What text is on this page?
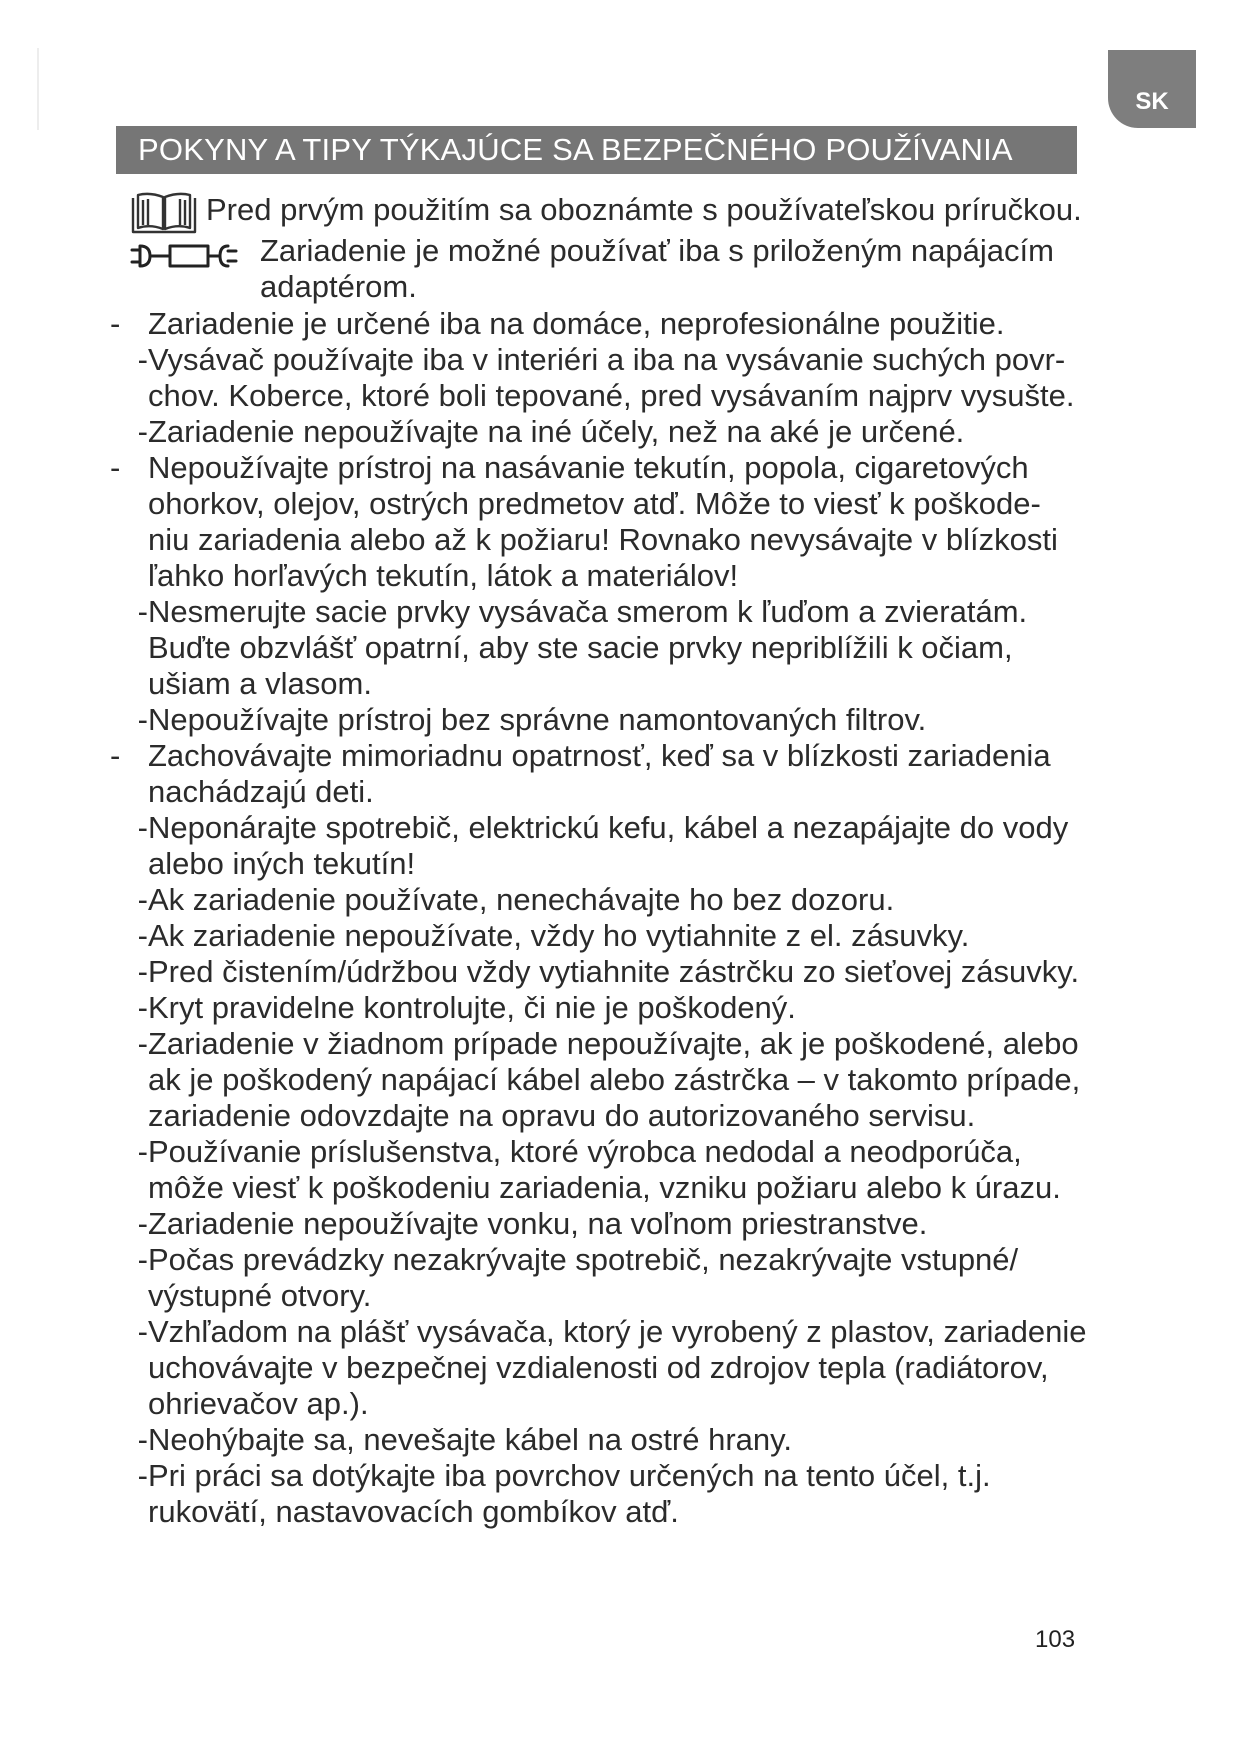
SK
POKYNY A TIPY TÝKAJÚCE SA BEZPEČNÉHO POUŽÍVANIA
Pred prvým použitím sa oboznámte s používateľskou príručkou.
Zariadenie je možné používať iba s priloženým napájacím adaptérom.
- Zariadenie je určené iba na domáce, neprofesionálne použitie.
- Vysávač používajte iba v interiéri a iba na vysávanie suchých povr-
chov. Koberce, ktoré boli tepované, pred vysávaním najprv vysušte.
- Zariadenie nepoužívajte na iné účely, než na aké je určené.
- Nepoužívajte prístroj na nasávanie tekutín, popola, cigaretových
ohorkov, olejov, ostrých predmetov atď. Môže to viesť k poškode-
niu zariadenia alebo až k požiaru! Rovnako nevysávajte v blízkosti
ľahko horľavých tekutín, látok a materiálov!
- Nesmerujte sacie prvky vysávača smerom k ľuďom a zvieratám.
Buďte obzvlášť opatrní, aby ste sacie prvky nepriblížili k očiam,
ušiam a vlasom.
- Nepoužívajte prístroj bez správne namontovaných filtrov.
- Zachovávajte mimoriadnu opatrnosť, keď sa v blízkosti zariadenia
nachádzajú deti.
- Neponárajte spotrebič, elektrickú kefu, kábel a nezapájajte do vody
alebo iných tekutín!
- Ak zariadenie používate, nenechávajte ho bez dozoru.
- Ak zariadenie nepoužívate, vždy ho vytiahnite z el. zásuvky.
- Pred čistením/údržbou vždy vytiahnite zástrčku zo sieťovej zásuvky.
- Kryt pravidelne kontrolujte, či nie je poškodený.
- Zariadenie v žiadnom prípade nepoužívajte, ak je poškodené, alebo
ak je poškodený napájací kábel alebo zástrčka – v takomto prípade,
zariadenie odovzdajte na opravu do autorizovaného servisu.
- Používanie príslušenstva, ktoré výrobca nedodal a neodporúča,
môže viesť k poškodeniu zariadenia, vzniku požiaru alebo k úrazu.
- Zariadenie nepoužívajte vonku, na voľnom priestranstve.
- Počas prevádzky nezakrývajte spotrebič, nezakrývajte vstupné/
výstupné otvory.
- Vzhľadom na plášť vysávača, ktorý je vyrobený z plastov, zariadenie
uchovávajte v bezpečnej vzdialenosti od zdrojov tepla (radiátorov,
ohrievačov ap.).
- Neohýbajte sa, nevešajte kábel na ostré hrany.
- Pri práci sa dotýkajte iba povrchov určených na tento účel, t.j.
rukovätí, nastavovacích gombíkov atď.
103
